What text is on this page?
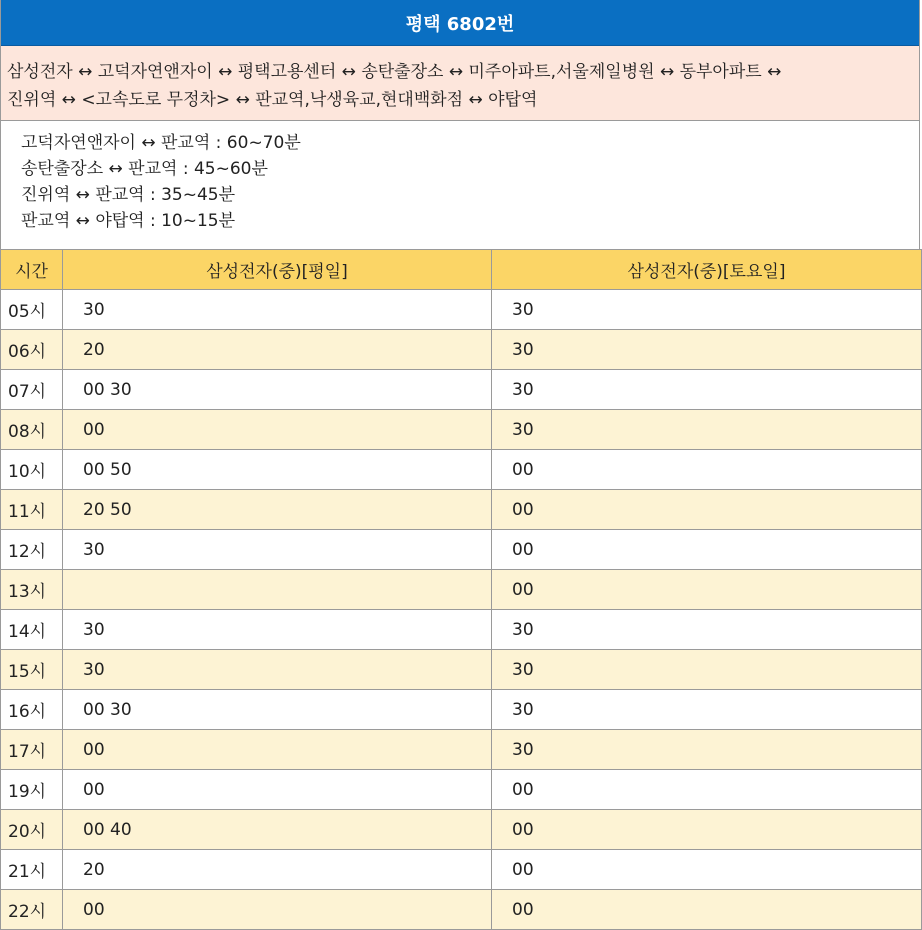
평택 6802번
삼성전자 ↔ 고덕자연앤자이 ↔ 평택고용센터 ↔ 송탄출장소 ↔ 미주아파트,서울제일병원 ↔ 동부아파트 ↔
진위역 ↔ <고속도로 무정차> ↔ 판교역,낙생육교,현대백화점 ↔ 야탑역
고덕자연앤자이 ↔ 판교역 : 60~70분
송탄출장소 ↔ 판교역 : 45~60분
진위역 ↔ 판교역 : 35~45분
판교역 ↔ 야탑역 : 10~15분
시간	삼성전자(중)[평일]	삼성전자(중)[토요일]
05시	30	30
06시	20	30
07시	00 30	30
08시	00	30
10시	00 50	00
11시	20 50	00
12시	30	00
13시		00
14시	30	30
15시	30	30
16시	00 30	30
17시	00	30
19시	00	00
20시	00 40	00
21시	20	00
22시	00	00
